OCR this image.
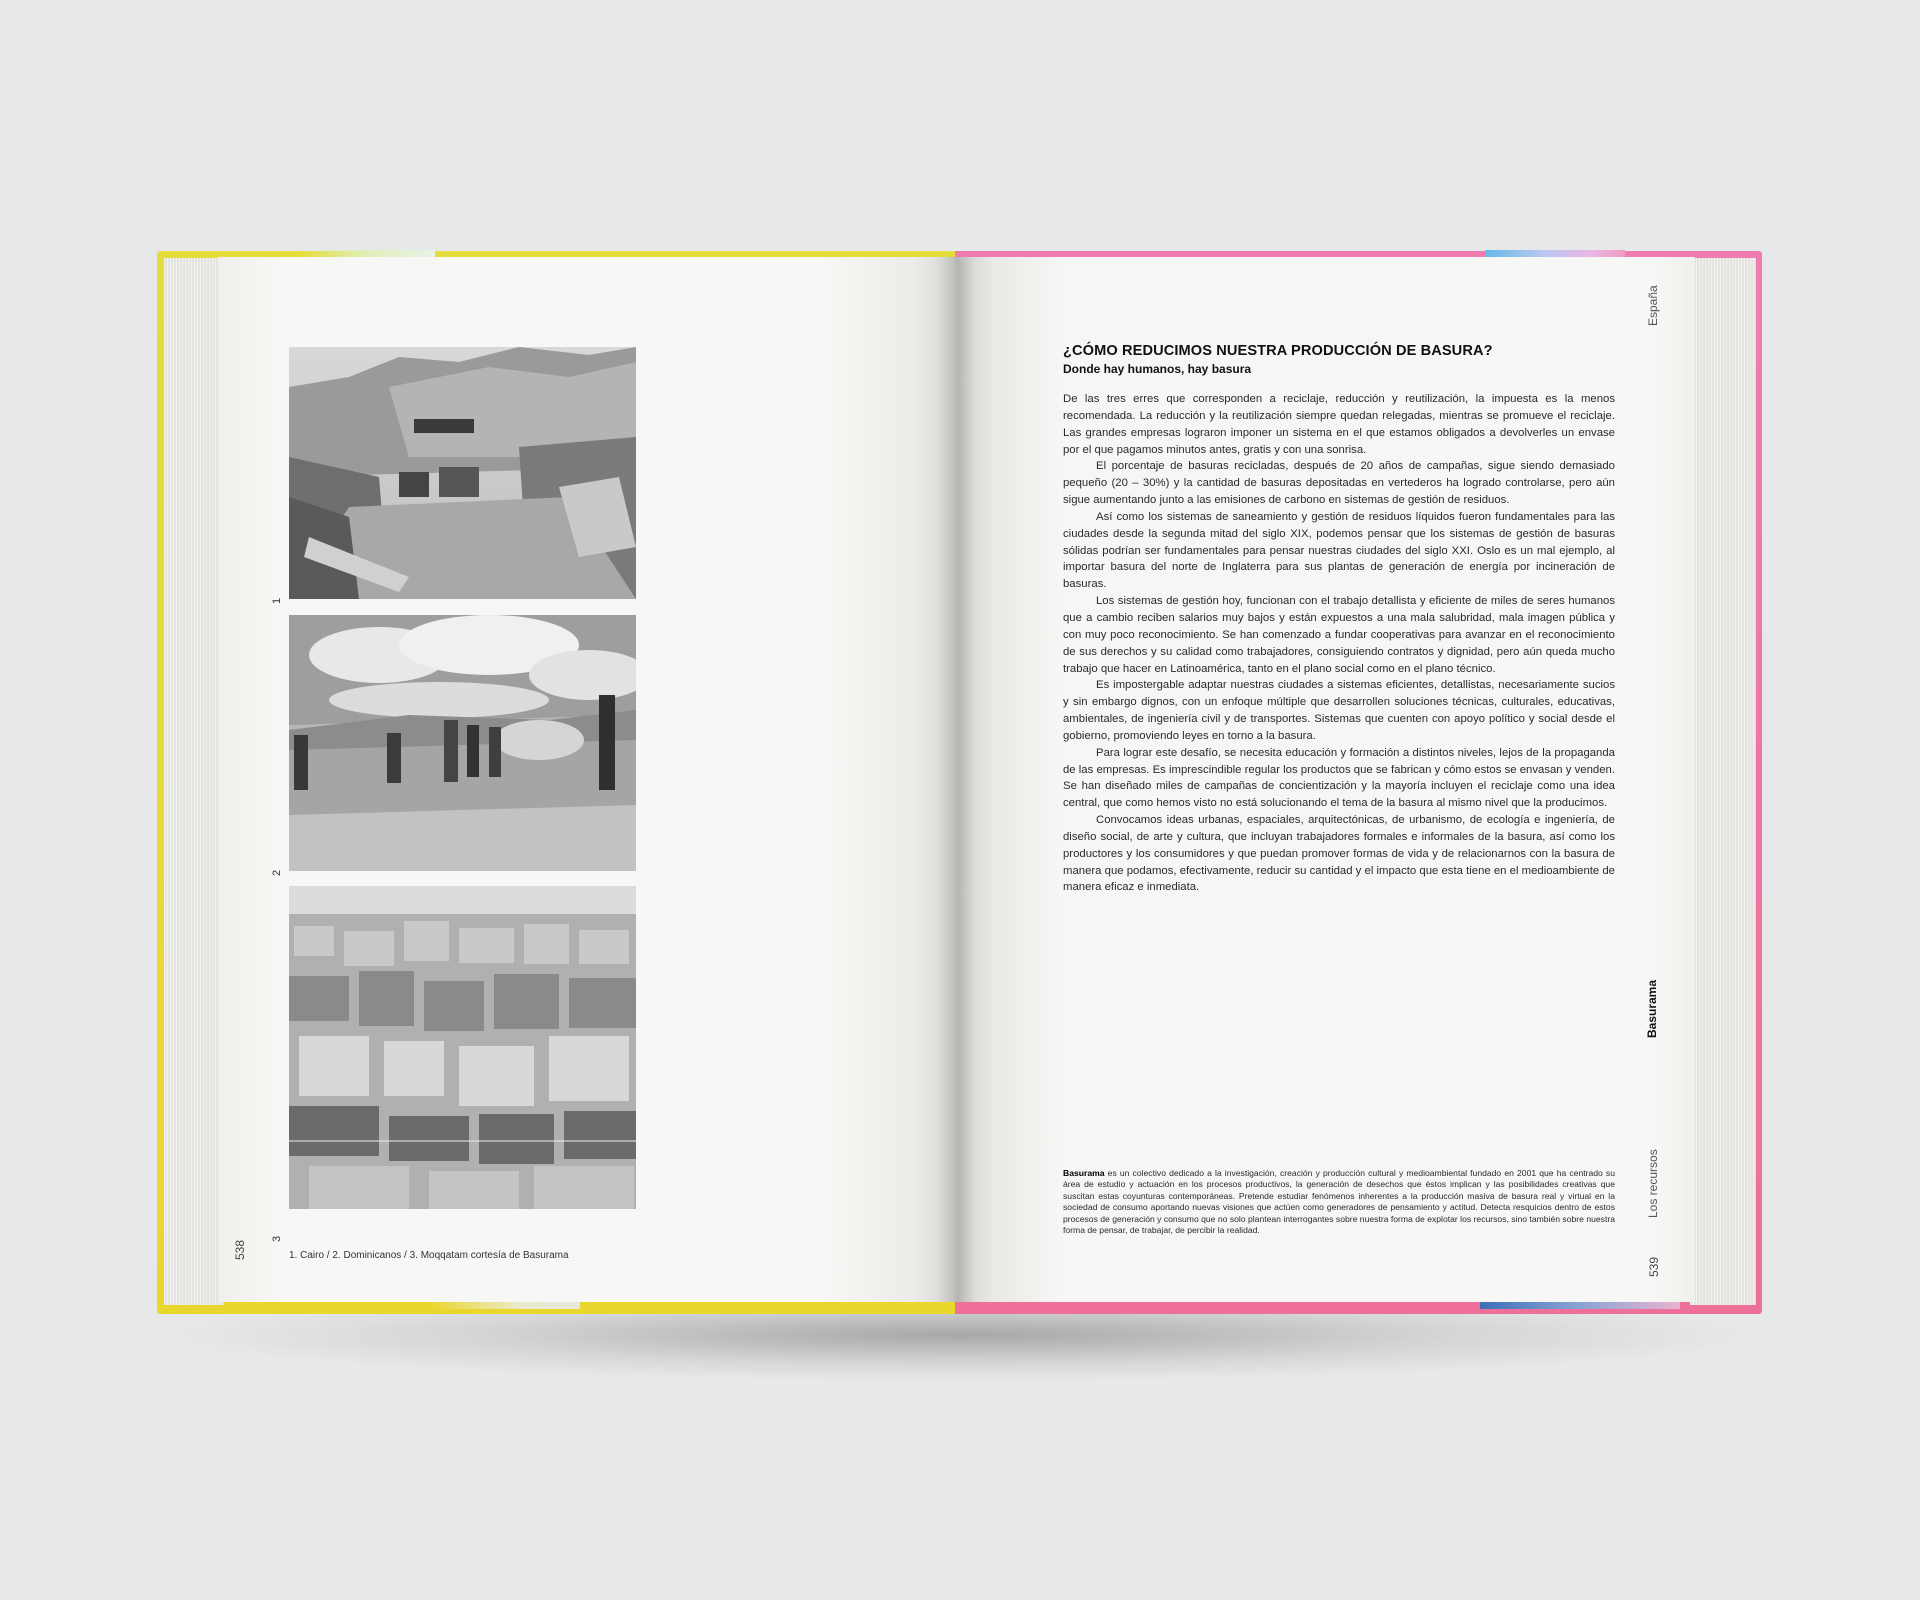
1
2
3
1. Cairo / 2. Dominicanos / 3. Moqqatam cortesía de Basurama
538
España
Basurama
Los recursos
539
¿CÓMO REDUCIMOS NUESTRA PRODUCCIÓN DE BASURA?
Donde hay humanos, hay basura

De las tres erres que corresponden a reciclaje, reducción y reutilización, la impuesta es la menos recomendada. La reducción y la reutilización siempre quedan relegadas, mientras se promueve el reciclaje. Las grandes empresas lograron imponer un sistema en el que estamos obligados a devolverles un envase por el que pagamos minutos antes, gratis y con una sonrisa.

El porcentaje de basuras recicladas, después de 20 años de campañas, sigue siendo demasiado pequeño (20 – 30%) y la cantidad de basuras depositadas en vertederos ha logrado controlarse, pero aún sigue aumentando junto a las emisiones de carbono en sistemas de gestión de residuos.

Así como los sistemas de saneamiento y gestión de residuos líquidos fueron fundamentales para las ciudades desde la segunda mitad del siglo XIX, podemos pensar que los sistemas de gestión de basuras sólidas podrían ser fundamentales para pensar nuestras ciudades del siglo XXI. Oslo es un mal ejemplo, al importar basura del norte de Inglaterra para sus plantas de generación de energía por incineración de basuras.

Los sistemas de gestión hoy, funcionan con el trabajo detallista y eficiente de miles de seres humanos que a cambio reciben salarios muy bajos y están expuestos a una mala salubridad, mala imagen pública y con muy poco reconocimiento. Se han comenzado a fundar cooperativas para avanzar en el reconocimiento de sus derechos y su calidad como trabajadores, consiguiendo contratos y dignidad, pero aún queda mucho trabajo que hacer en Latinoamérica, tanto en el plano social como en el plano técnico.

Es impostergable adaptar nuestras ciudades a sistemas eficientes, detallistas, necesariamente sucios y sin embargo dignos, con un enfoque múltiple que desarrollen soluciones técnicas, culturales, educativas, ambientales, de ingeniería civil y de transportes. Sistemas que cuenten con apoyo político y social desde el gobierno, promoviendo leyes en torno a la basura.

Para lograr este desafío, se necesita educación y formación a distintos niveles, lejos de la propaganda de las empresas. Es imprescindible regular los productos que se fabrican y cómo estos se envasan y venden. Se han diseñado miles de campañas de concientización y la mayoría incluyen el reciclaje como una idea central, que como hemos visto no está solucionando el tema de la basura al mismo nivel que la producimos.

Convocamos ideas urbanas, espaciales, arquitectónicas, de urbanismo, de ecología e ingeniería, de diseño social, de arte y cultura, que incluyan trabajadores formales e informales de la basura, así como los productores y los consumidores y que puedan promover formas de vida y de relacionarnos con la basura de manera que podamos, efectivamente, reducir su cantidad y el impacto que esta tiene en el medioambiente de manera eficaz e inmediata.

Basurama es un colectivo dedicado a la investigación, creación y producción cultural y medioambiental fundado en 2001 que ha centrado su área de estudio y actuación en los procesos productivos, la generación de desechos que éstos implican y las posibilidades creativas que suscitan estas coyunturas contemporáneas. Pretende estudiar fenómenos inherentes a la producción masiva de basura real y virtual en la sociedad de consumo aportando nuevas visiones que actúen como generadores de pensamiento y actitud. Detecta resquicios dentro de estos procesos de generación y consumo que no solo plantean interrogantes sobre nuestra forma de explotar los recursos, sino también sobre nuestra forma de pensar, de trabajar, de percibir la realidad.
